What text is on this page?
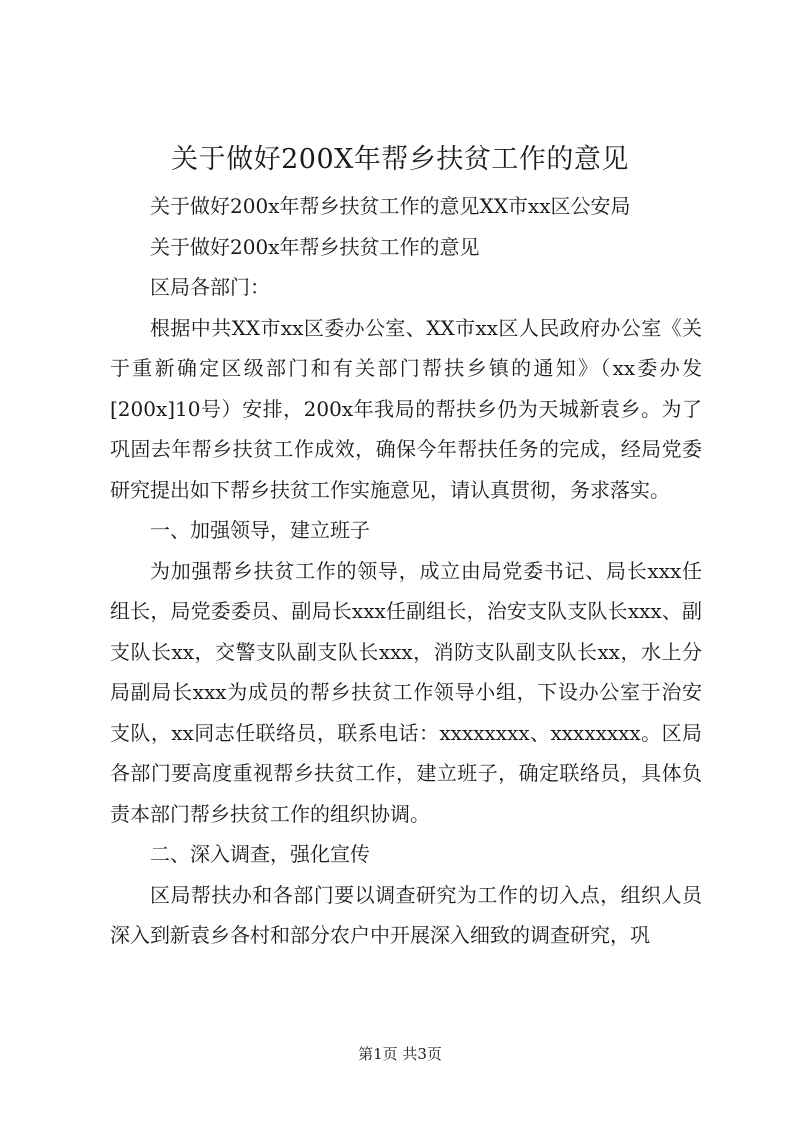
关于做好200X年帮乡扶贫工作的意见

关于做好200x年帮乡扶贫工作的意见XX市xx区公安局

关于做好200x年帮乡扶贫工作的意见

区局各部门：

根据中共XX市xx区委办公室、XX市xx区人民政府办公室《关于重新确定区级部门和有关部门帮扶乡镇的通知》（xx委办发[200x]10号）安排，200x年我局的帮扶乡仍为天城新袁乡。为了巩固去年帮乡扶贫工作成效，确保今年帮扶任务的完成，经局党委研究提出如下帮乡扶贫工作实施意见，请认真贯彻，务求落实。

一、加强领导，建立班子

为加强帮乡扶贫工作的领导，成立由局党委书记、局长xxx任组长，局党委委员、副局长xxx任副组长，治安支队支队长xxx、副支队长xx，交警支队副支队长xxx，消防支队副支队长xx，水上分局副局长xxx为成员的帮乡扶贫工作领导小组，下设办公室于治安支队，xx同志任联络员，联系电话：xxxxxxxx、xxxxxxxx。区局各部门要高度重视帮乡扶贫工作，建立班子，确定联络员，具体负责本部门帮乡扶贫工作的组织协调。

二、深入调查，强化宣传

区局帮扶办和各部门要以调查研究为工作的切入点，组织人员深入到新袁乡各村和部分农户中开展深入细致的调查研究，巩

第1页 共3页
